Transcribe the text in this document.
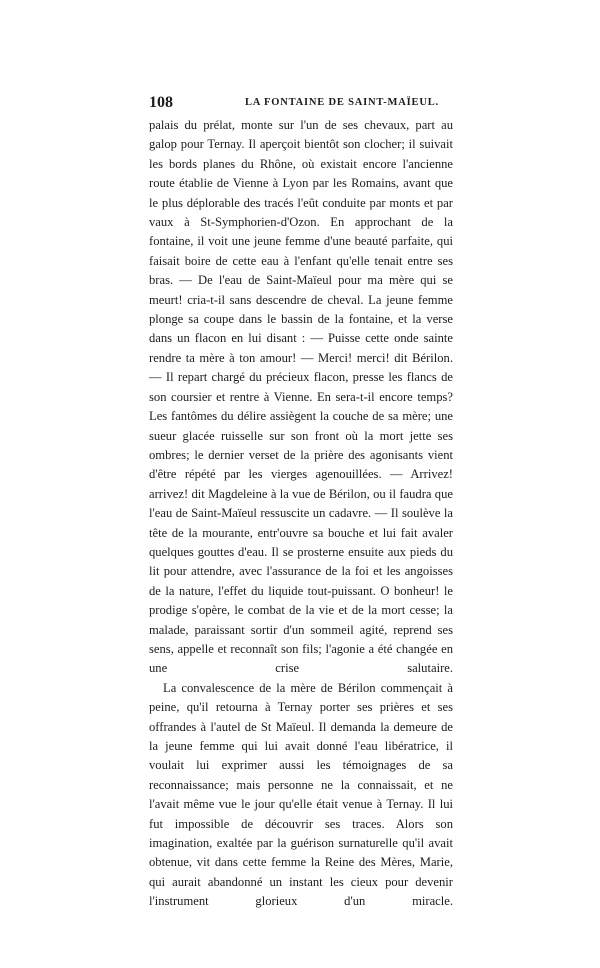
108	LA FONTAINE DE SAINT-MAÏEUL.

palais du prélat, monte sur l'un de ses chevaux, part au galop pour Ternay. Il aperçoit bientôt son clocher; il suivait les bords planes du Rhône, où existait encore l'ancienne route établie de Vienne à Lyon par les Romains, avant que le plus déplorable des tracés l'eût conduite par monts et par vaux à St-Symphorien-d'Ozon. En approchant de la fontaine, il voit une jeune femme d'une beauté parfaite, qui faisait boire de cette eau à l'enfant qu'elle tenait entre ses bras. — De l'eau de Saint-Maïeul pour ma mère qui se meurt! cria-t-il sans descendre de cheval. La jeune femme plonge sa coupe dans le bassin de la fontaine, et la verse dans un flacon en lui disant : — Puisse cette onde sainte rendre ta mère à ton amour! — Merci! merci! dit Bérilon. — Il repart chargé du précieux flacon, presse les flancs de son coursier et rentre à Vienne. En sera-t-il encore temps? Les fantômes du délire assiègent la couche de sa mère; une sueur glacée ruisselle sur son front où la mort jette ses ombres; le dernier verset de la prière des agonisants vient d'être répété par les vierges agenouillées. — Arrivez! arrivez! dit Magdeleine à la vue de Bérilon, ou il faudra que l'eau de Saint-Maïeul ressuscite un cadavre. — Il soulève la tête de la mourante, entr'ouvre sa bouche et lui fait avaler quelques gouttes d'eau. Il se prosterne ensuite aux pieds du lit pour attendre, avec l'assurance de la foi et les angoisses de la nature, l'effet du liquide tout-puissant. O bonheur! le prodige s'opère, le combat de la vie et de la mort cesse; la malade, paraissant sortir d'un sommeil agité, reprend ses sens, appelle et reconnaît son fils; l'agonie a été changée en une crise salutaire.

La convalescence de la mère de Bérilon commençait à peine, qu'il retourna à Ternay porter ses prières et ses offrandes à l'autel de St Maïeul. Il demanda la demeure de la jeune femme qui lui avait donné l'eau libératrice, il voulait lui exprimer aussi les témoignages de sa reconnaissance; mais personne ne la connaissait, et ne l'avait même vue le jour qu'elle était venue à Ternay. Il lui fut impossible de découvrir ses traces. Alors son imagination, exaltée par la guérison surnaturelle qu'il avait obtenue, vit dans cette femme la Reine des Mères, Marie, qui aurait abandonné un instant les cieux pour devenir l'instrument glorieux d'un miracle.
